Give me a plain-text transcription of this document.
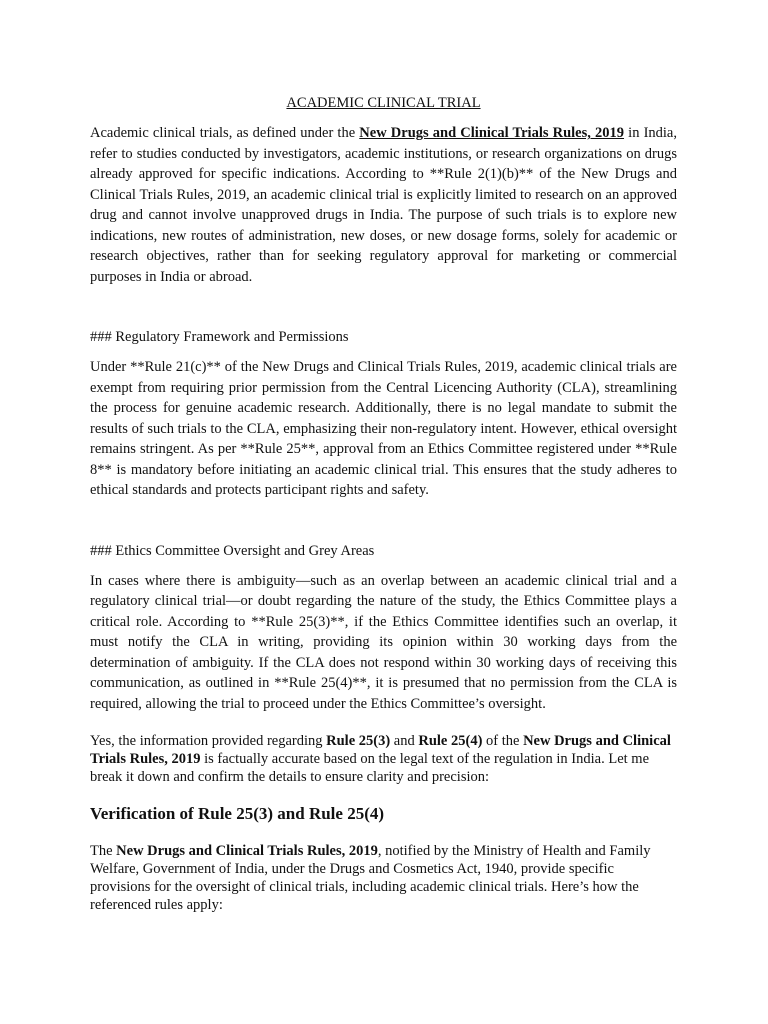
ACADEMIC CLINICAL TRIAL

Academic clinical trials, as defined under the New Drugs and Clinical Trials Rules, 2019 in India, refer to studies conducted by investigators, academic institutions, or research organizations on drugs already approved for specific indications. According to **Rule 2(1)(b)** of the New Drugs and Clinical Trials Rules, 2019, an academic clinical trial is explicitly limited to research on an approved drug and cannot involve unapproved drugs in India. The purpose of such trials is to explore new indications, new routes of administration, new doses, or new dosage forms, solely for academic or research objectives, rather than for seeking regulatory approval for marketing or commercial purposes in India or abroad.

### Regulatory Framework and Permissions

Under **Rule 21(c)** of the New Drugs and Clinical Trials Rules, 2019, academic clinical trials are exempt from requiring prior permission from the Central Licencing Authority (CLA), streamlining the process for genuine academic research. Additionally, there is no legal mandate to submit the results of such trials to the CLA, emphasizing their non-regulatory intent. However, ethical oversight remains stringent. As per **Rule 25**, approval from an Ethics Committee registered under **Rule 8** is mandatory before initiating an academic clinical trial. This ensures that the study adheres to ethical standards and protects participant rights and safety.

### Ethics Committee Oversight and Grey Areas

In cases where there is ambiguity—such as an overlap between an academic clinical trial and a regulatory clinical trial—or doubt regarding the nature of the study, the Ethics Committee plays a critical role. According to **Rule 25(3)**, if the Ethics Committee identifies such an overlap, it must notify the CLA in writing, providing its opinion within 30 working days from the determination of ambiguity. If the CLA does not respond within 30 working days of receiving this communication, as outlined in **Rule 25(4)**, it is presumed that no permission from the CLA is required, allowing the trial to proceed under the Ethics Committee’s oversight.

Yes, the information provided regarding Rule 25(3) and Rule 25(4) of the New Drugs and Clinical Trials Rules, 2019 is factually accurate based on the legal text of the regulation in India. Let me break it down and confirm the details to ensure clarity and precision:

Verification of Rule 25(3) and Rule 25(4)

The New Drugs and Clinical Trials Rules, 2019, notified by the Ministry of Health and Family Welfare, Government of India, under the Drugs and Cosmetics Act, 1940, provide specific provisions for the oversight of clinical trials, including academic clinical trials. Here’s how the referenced rules apply:
